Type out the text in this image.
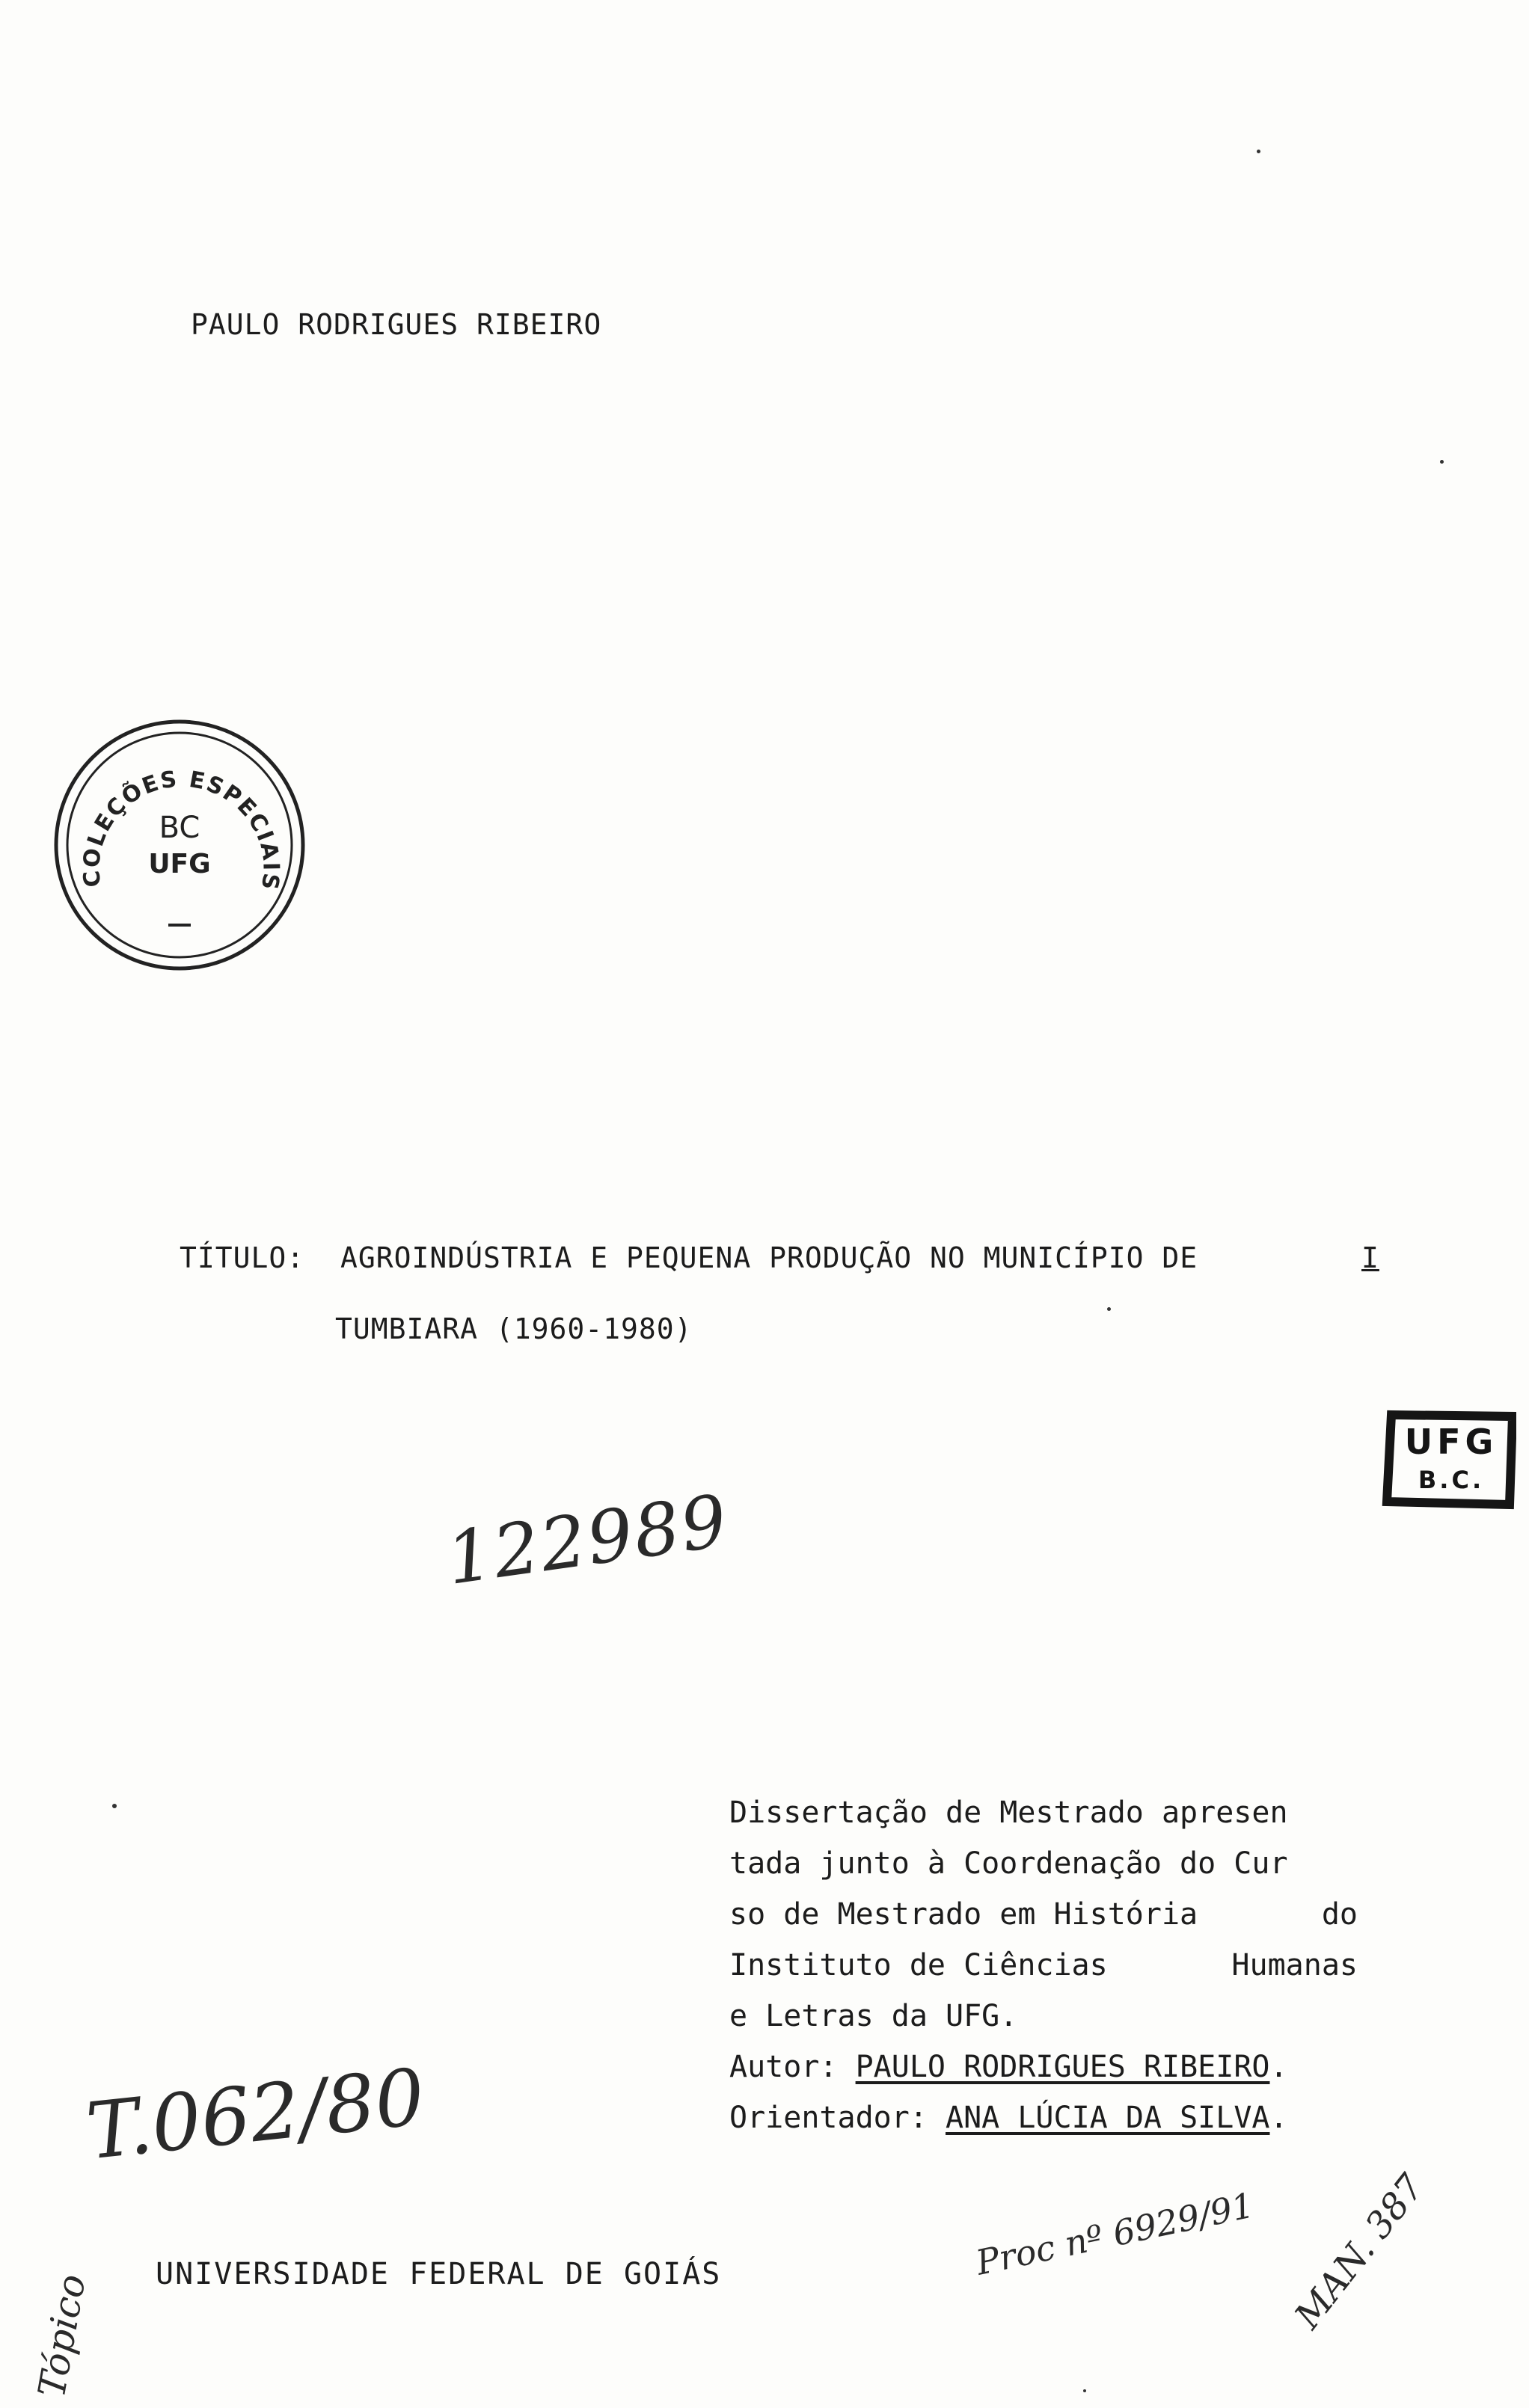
PAULO RODRIGUES RIBEIRO
COLEÇÕES ESPECIAIS
BC
UFG
TÍTULO: AGROINDÚSTRIA E PEQUENA PRODUÇÃO NO MUNICÍPIO DE
TUMBIARA (1960-1980)
I
UFG
B.C.
122989
Dissertação de Mestrado apresen
tada junto à Coordenação do Cur
so de Mestrado em História	do
Instituto de Ciências	Humanas
e Letras da UFG.
Autor: PAULO RODRIGUES RIBEIRO.
Orientador: ANA LÚCIA DA SILVA.
T.062/80
UNIVERSIDADE FEDERAL DE GOIÁS	Proc nº 6929/91 MAN. 387
Tópico
